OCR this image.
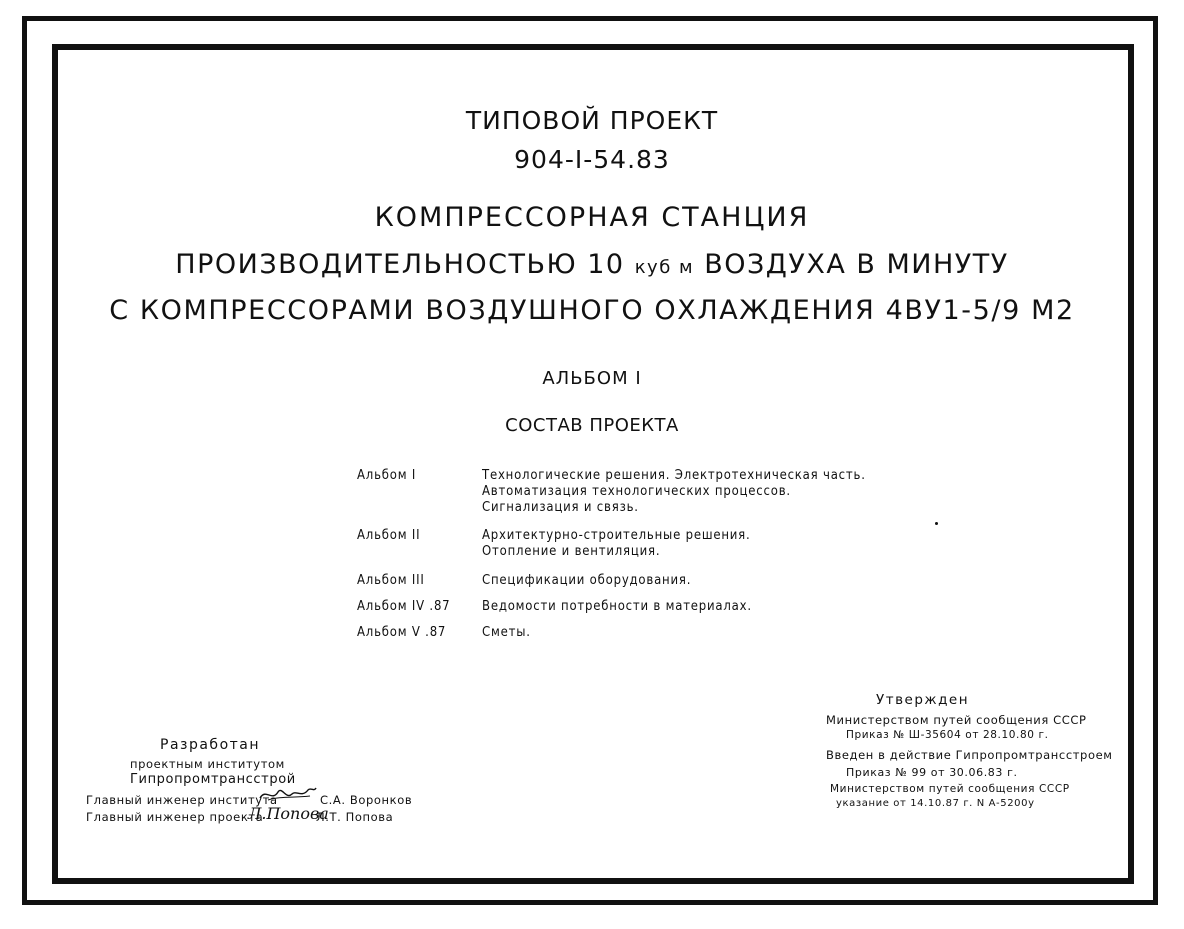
ТИПОВОЙ ПРОЕКТ
904-I-54.83
КОМПРЕССОРНАЯ СТАНЦИЯ
ПРОИЗВОДИТЕЛЬНОСТЬЮ 10 куб м ВОЗДУХА В МИНУТУ
С КОМПРЕССОРАМИ ВОЗДУШНОГО ОХЛАЖДЕНИЯ 4ВУ1-5/9 М2
АЛЬБОМ I
СОСТАВ ПРОЕКТА
Альбом I	Технологические решения. Электротехническая часть.
Автоматизация технологических процессов.
Сигнализация и связь.
Альбом II	Архитектурно-строительные решения.
Отопление и вентиляция.
Альбом III	Спецификации оборудования.
Альбом IV .87 Ведомости потребности в материалах.
Альбом V .87	Сметы.
Разработан
проектным институтом
Гипропромтрансстрой
Главный инженер института	С.А. Воронков
Главный инженер проекта
Л.Попова
Л.Т. Попова
Утвержден
Министерством путей сообщения СССР
Приказ № Ш-35604 от 28.10.80 г.
Введен в действие Гипропромтрансстроем
Приказ № 99 от 30.06.83 г.
Министерством путей сообщения СССР
указание от 14.10.87 г. N А-5200у
